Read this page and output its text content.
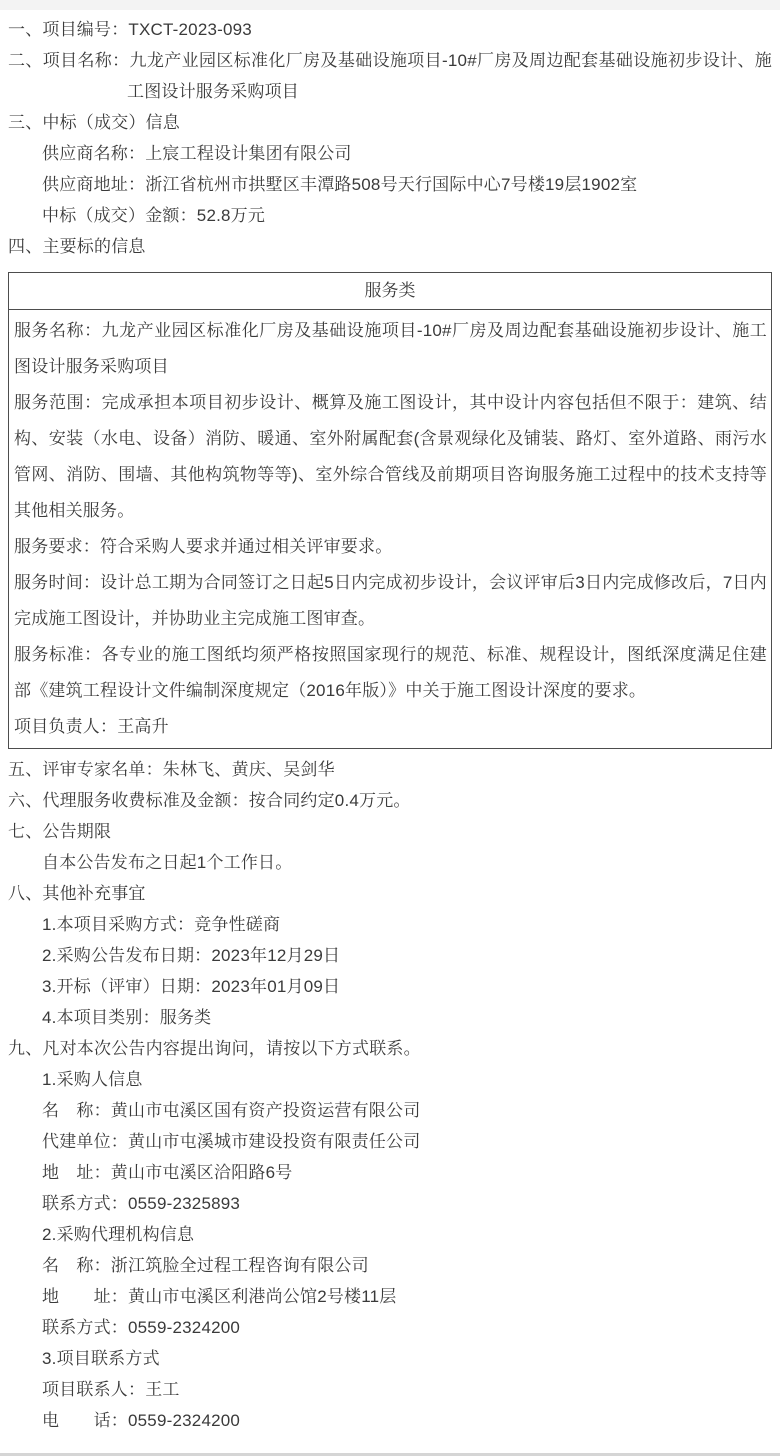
一、项目编号：TXCT-2023-093
二、项目名称：九龙产业园区标准化厂房及基础设施项目-10#厂房及周边配套基础设施初步设计、施工图设计服务采购项目
三、中标（成交）信息
供应商名称：上宸工程设计集团有限公司
供应商地址：浙江省杭州市拱墅区丰潭路508号天行国际中心7号楼19层1902室
中标（成交）金额：52.8万元
四、主要标的信息
服务类

服务名称：九龙产业园区标准化厂房及基础设施项目-10#厂房及周边配套基础设施初步设计、施工图设计服务采购项目

服务范围：完成承担本项目初步设计、概算及施工图设计，其中设计内容包括但不限于：建筑、结构、安装（水电、设备）消防、暖通、室外附属配套(含景观绿化及铺装、路灯、室外道路、雨污水管网、消防、围墙、其他构筑物等等)、室外综合管线及前期项目咨询服务施工过程中的技术支持等其他相关服务。

服务要求：符合采购人要求并通过相关评审要求。

服务时间：设计总工期为合同签订之日起5日内完成初步设计，会议评审后3日内完成修改后，7日内完成施工图设计，并协助业主完成施工图审查。

服务标准：各专业的施工图纸均须严格按照国家现行的规范、标准、规程设计，图纸深度满足住建部《建筑工程设计文件编制深度规定（2016年版）》中关于施工图设计深度的要求。

项目负责人：王高升

五、评审专家名单：朱林飞、黄庆、吴剑华
六、代理服务收费标准及金额：按合同约定0.4万元。
七、公告期限
自本公告发布之日起1个工作日。
八、其他补充事宜
1.本项目采购方式：竞争性磋商
2.采购公告发布日期：2023年12月29日
3.开标（评审）日期：2023年01月09日
4.本项目类别：服务类
九、凡对本次公告内容提出询问，请按以下方式联系。
1.采购人信息
名　称：黄山市屯溪区国有资产投资运营有限公司
代建单位：黄山市屯溪城市建设投资有限责任公司
地　址：黄山市屯溪区洽阳路6号
联系方式：0559-2325893
2.采购代理机构信息
名　称：浙江筑脸全过程工程咨询有限公司
地　　址：黄山市屯溪区利港尚公馆2号楼11层
联系方式：0559-2324200
3.项目联系方式
项目联系人：王工
电　　话：0559-2324200
